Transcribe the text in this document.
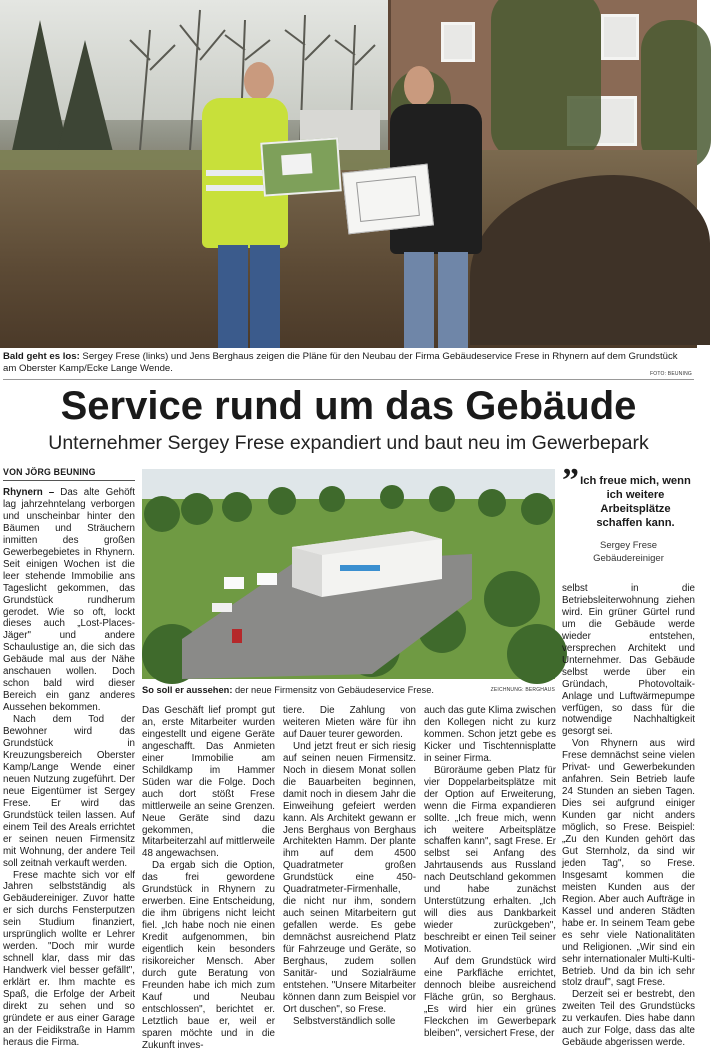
Bald geht es los: Sergey Frese (links) und Jens Berghaus zeigen die Pläne für den Neubau der Firma Gebäudeservice Frese in Rhynern auf dem Grundstück am Oberster Kamp/Ecke Lange Wende.	FOTO: BEUNING
Service rund um das Gebäude
Unternehmer Sergey Frese expandiert und baut neu im Gewerbepark
VON JÖRG BEUNING

Rhynern – Das alte Gehöft lag jahrzehntelang verborgen und unscheinbar hinter den Bäumen und Sträuchern inmitten des großen Gewerbegebietes in Rhynern. Seit einigen Wochen ist die leer stehende Immobilie ans Tageslicht gekommen, das Grundstück rundherum gerodet. Wie so oft, lockt dieses auch „Lost-Places-Jäger" und andere Schaulustige an, die sich das Gebäude mal aus der Nähe anschauen wollen. Doch schon bald wird dieser Bereich ein ganz anderes Aussehen bekommen.

Nach dem Tod der Bewohner wird das Grundstück in Kreuzungsbereich Oberster Kamp/Lange Wende einer neuen Nutzung zugeführt. Der neue Eigentümer ist Sergey Frese. Er wird das Grundstück teilen lassen. Auf einem Teil des Areals errichtet er seinen neuen Firmensitz mit Wohnung, der andere Teil soll zeitnah verkauft werden.

Frese machte sich vor elf Jahren selbstständig als Gebäudereiniger. Zuvor hatte er sich durchs Fensterputzen sein Studium finanziert, ursprünglich wollte er Lehrer werden. "Doch mir wurde schnell klar, dass mir das Handwerk viel besser gefällt", erklärt er. Ihm machte es Spaß, die Erfolge der Arbeit direkt zu sehen und so gründete er aus einer Garage an der Feidikstraße in Hamm heraus die Firma.

So soll er aussehen: der neue Firmensitz von Gebäudeservice Frese.	ZEICHNUNG: BERGHAUS

Das Geschäft lief prompt gut an, erste Mitarbeiter wurden eingestellt und eigene Geräte angeschafft. Das Anmieten einer Immobilie am Schildkamp im Hammer Süden war die Folge. Doch auch dort stößt Frese mittlerweile an seine Grenzen. Neue Geräte sind dazu gekommen, die Mitarbeiterzahl auf mittlerweile 48 angewachsen.

Da ergab sich die Option, das frei gewordene Grundstück in Rhynern zu erwerben. Eine Entscheidung, die ihm übrigens nicht leicht fiel. „Ich habe noch nie einen Kredit aufgenommen, bin eigentlich kein besonders risikoreicher Mensch. Aber durch gute Beratung von Freunden habe ich mich zum Kauf und Neubau entschlossen", berichtet er. Letztlich baue er, weil er sparen möchte und in die Zukunft inves-

tiere. Die Zahlung von weiteren Mieten wäre für ihn auf Dauer teurer geworden.

Und jetzt freut er sich riesig auf seinen neuen Firmensitz. Noch in diesem Monat sollen die Bauarbeiten beginnen, damit noch in diesem Jahr die Einweihung gefeiert werden kann. Als Architekt gewann er Jens Berghaus von Berghaus Architekten Hamm. Der plante ihm auf dem 4500 Quadratmeter großen Grundstück eine 450-Quadratmeter-Firmenhalle, die nicht nur ihm, sondern auch seinen Mitarbeitern gut gefallen werde. Es gebe demnächst ausreichend Platz für Fahrzeuge und Geräte, so Berghaus, zudem sollen Sanitär- und Sozialräume entstehen. "Unsere Mitarbeiter können dann zum Beispiel vor Ort duschen", so Frese.

Selbstverständlich solle

auch das gute Klima zwischen den Kollegen nicht zu kurz kommen. Schon jetzt gebe es Kicker und Tischtennisplatte in seiner Firma.

Büroräume geben Platz für vier Doppelarbeitsplätze mit der Option auf Erweiterung, wenn die Firma expandieren sollte. „Ich freue mich, wenn ich weitere Arbeitsplätze schaffen kann", sagt Frese. Er selbst sei Anfang des Jahrtausends aus Russland nach Deutschland gekommen und habe zunächst Unterstützung erhalten. „Ich will dies aus Dankbarkeit wieder zurückgeben", beschreibt er einen Teil seiner Motivation.

Auf dem Grundstück wird eine Parkfläche errichtet, dennoch bleibe ausreichend Fläche grün, so Berghaus. „Es wird hier ein grünes Fleckchen im Gewerbepark bleiben", versichert Frese, der

” Ich freue mich, wenn ich weitere Arbeitsplätze schaffen kann.
Sergey Frese
Gebäudereiniger

selbst in die Betriebsleiterwohnung ziehen wird. Ein grüner Gürtel rund um die Gebäude werde wieder entstehen, versprechen Architekt und Unternehmer. Das Gebäude selbst werde über ein Gründach, Photovoltaik-Anlage und Luftwärmepumpe verfügen, so dass für die notwendige Nachhaltigkeit gesorgt sei.

Von Rhynern aus wird Frese demnächst seine vielen Privat- und Gewerbekunden anfahren. Sein Betrieb laufe 24 Stunden an sieben Tagen. Dies sei aufgrund einiger Kunden gar nicht anders möglich, so Frese. Beispiel: „Zu den Kunden gehört das Gut Sternholz, da sind wir jeden Tag", so Frese. Insgesamt kommen die meisten Kunden aus der Region. Aber auch Aufträge in Kassel und anderen Städten habe er. In seinem Team gebe es sehr viele Nationalitäten und Religionen. „Wir sind ein sehr internationaler Multi-Kulti-Betrieb. Und da bin ich sehr stolz drauf", sagt Frese.

Derzeit sei er bestrebt, den zweiten Teil des Grundstücks zu verkaufen. Dies habe dann auch zur Folge, dass das alte Gebäude abgerissen werde.
